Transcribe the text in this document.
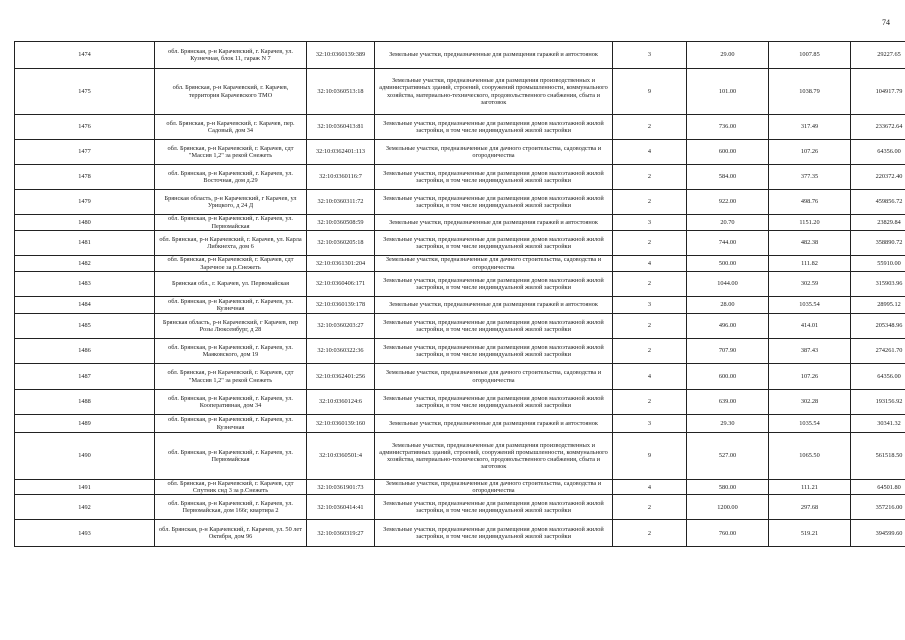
74
1474	обл. Брянская, р-н Карачевский, г. Карачев, ул. Кузнечная, блок 11, гараж N 7	32:10:0360139:389	Земельные участки, предназначенные для размещения гаражей и автостоянок	3	29.00	1007.85	29227.65
1475	обл. Брянская, р-н Карачевский, г. Карачев, территория Карачевского ТМО	32:10:0360513:18	Земельные участки, предназначенные для размещения производственных и административных зданий, строений, сооружений промышленности, коммунального хозяйства, материально-технического, продовольственного снабжения, сбыта и заготовок	9	101.00	1038.79	104917.79
1476	обл. Брянская, р-н Карачевский, г. Карачев, пер. Садовый, дом 34	32:10:0360413:81	Земельные участки, предназначенные для размещения домов малоэтажной жилой застройки, в том числе индивидуальной жилой застройки	2	736.00	317.49	233672.64
1477	обл. Брянская, р-н Карачевский, г. Карачев, сдт "Массив 1,2" за рекой Снежеть	32:10:0362401:113	Земельные участки, предназначенные для дачного строительства, садоводства и огородничества	4	600.00	107.26	64356.00
1478	обл. Брянская, р-н Карачевский, г. Карачев, ул. Восточная, дом д.29	32:10:0360116:7	Земельные участки, предназначенные для размещения домов малоэтажной жилой застройки, в том числе индивидуальной жилой застройки	2	584.00	377.35	220372.40
1479	Брянская область, р-н Карачевский, г Карачев, ул Урицкого, д 24 Д	32:10:0360311:72	Земельные участки, предназначенные для размещения домов малоэтажной жилой застройки, в том числе индивидуальной жилой застройки	2	922.00	498.76	459856.72
1480	обл. Брянская, р-н Карачевский, г. Карачев, ул. Первомайская	32:10:0360508:59	Земельные участки, предназначенные для размещения гаражей и автостоянок	3	20.70	1151.20	23829.84
1481	обл. Брянская, р-н Карачевский, г. Карачев, ул. Карла Либкнехта, дом 6	32:10:0360205:18	Земельные участки, предназначенные для размещения домов малоэтажной жилой застройки, в том числе индивидуальной жилой застройки	2	744.00	482.38	358890.72
1482	обл. Брянская, р-н Карачевский, г. Карачев, сдт Заречное за р.Снежеть	32:10:0361301:204	Земельные участки, предназначенные для дачного строительства, садоводства и огородничества	4	500.00	111.82	55910.00
1483	Брянская обл., г. Карачев, ул. Первомайская	32:10:0360406:171	Земельные участки, предназначенные для размещения домов малоэтажной жилой застройки, в том числе индивидуальной жилой застройки	2	1044.00	302.59	315903.96
1484	обл. Брянская, р-н Карачевский, г. Карачев, ул. Кузнечная	32:10:0360139:178	Земельные участки, предназначенные для размещения гаражей и автостоянок	3	28.00	1035.54	28995.12
1485	Брянская область, р-н Карачевский, г Карачев, пер Розы Люксембург, д 28	32:10:0360203:27	Земельные участки, предназначенные для размещения домов малоэтажной жилой застройки, в том числе индивидуальной жилой застройки	2	496.00	414.01	205348.96
1486	обл. Брянская, р-н Карачевский, г. Карачев, ул. Маяковского, дом 19	32:10:0360322:36	Земельные участки, предназначенные для размещения домов малоэтажной жилой застройки, в том числе индивидуальной жилой застройки	2	707.90	387.43	274261.70
1487	обл. Брянская, р-н Карачевский, г. Карачев, сдт "Массив 1,2" за рекой Снежеть	32:10:0362401:256	Земельные участки, предназначенные для дачного строительства, садоводства и огородничества	4	600.00	107.26	64356.00
1488	обл. Брянская, р-н Карачевский, г. Карачев, ул. Кооперативная, дом 34	32:10:0360124:6	Земельные участки, предназначенные для размещения домов малоэтажной жилой застройки, в том числе индивидуальной жилой застройки	2	639.00	302.28	193156.92
1489	обл. Брянская, р-н Карачевский, г. Карачев, ул. Кузнечная	32:10:0360139:160	Земельные участки, предназначенные для размещения гаражей и автостоянок	3	29.30	1035.54	30341.32
1490	обл. Брянская, р-н Карачевский, г. Карачев, ул. Первомайская	32:10:0360501:4	Земельные участки, предназначенные для размещения производственных и административных зданий, строений, сооружений промышленности, коммунального хозяйства, материально-технического, продовольственного снабжения, сбыта и заготовок	9	527.00	1065.50	561518.50
1491	обл. Брянская, р-н Карачевский, г. Карачев, сдт Спутник снд 3 за р.Снежеть	32:10:0361901:73	Земельные участки, предназначенные для дачного строительства, садоводства и огородничества	4	580.00	111.21	64501.80
1492	обл. Брянская, р-н Карачевский, г. Карачев, ул. Первомайская, дом 166г, квартира 2	32:10:0360414:41	Земельные участки, предназначенные для размещения домов малоэтажной жилой застройки, в том числе индивидуальной жилой застройки	2	1200.00	297.68	357216.00
1493	обл. Брянская, р-н Карачевский, г. Карачев, ул. 50 лет Октября, дом 96	32:10:0360319:27	Земельные участки, предназначенные для размещения домов малоэтажной жилой застройки, в том числе индивидуальной жилой застройки	2	760.00	519.21	394599.60
